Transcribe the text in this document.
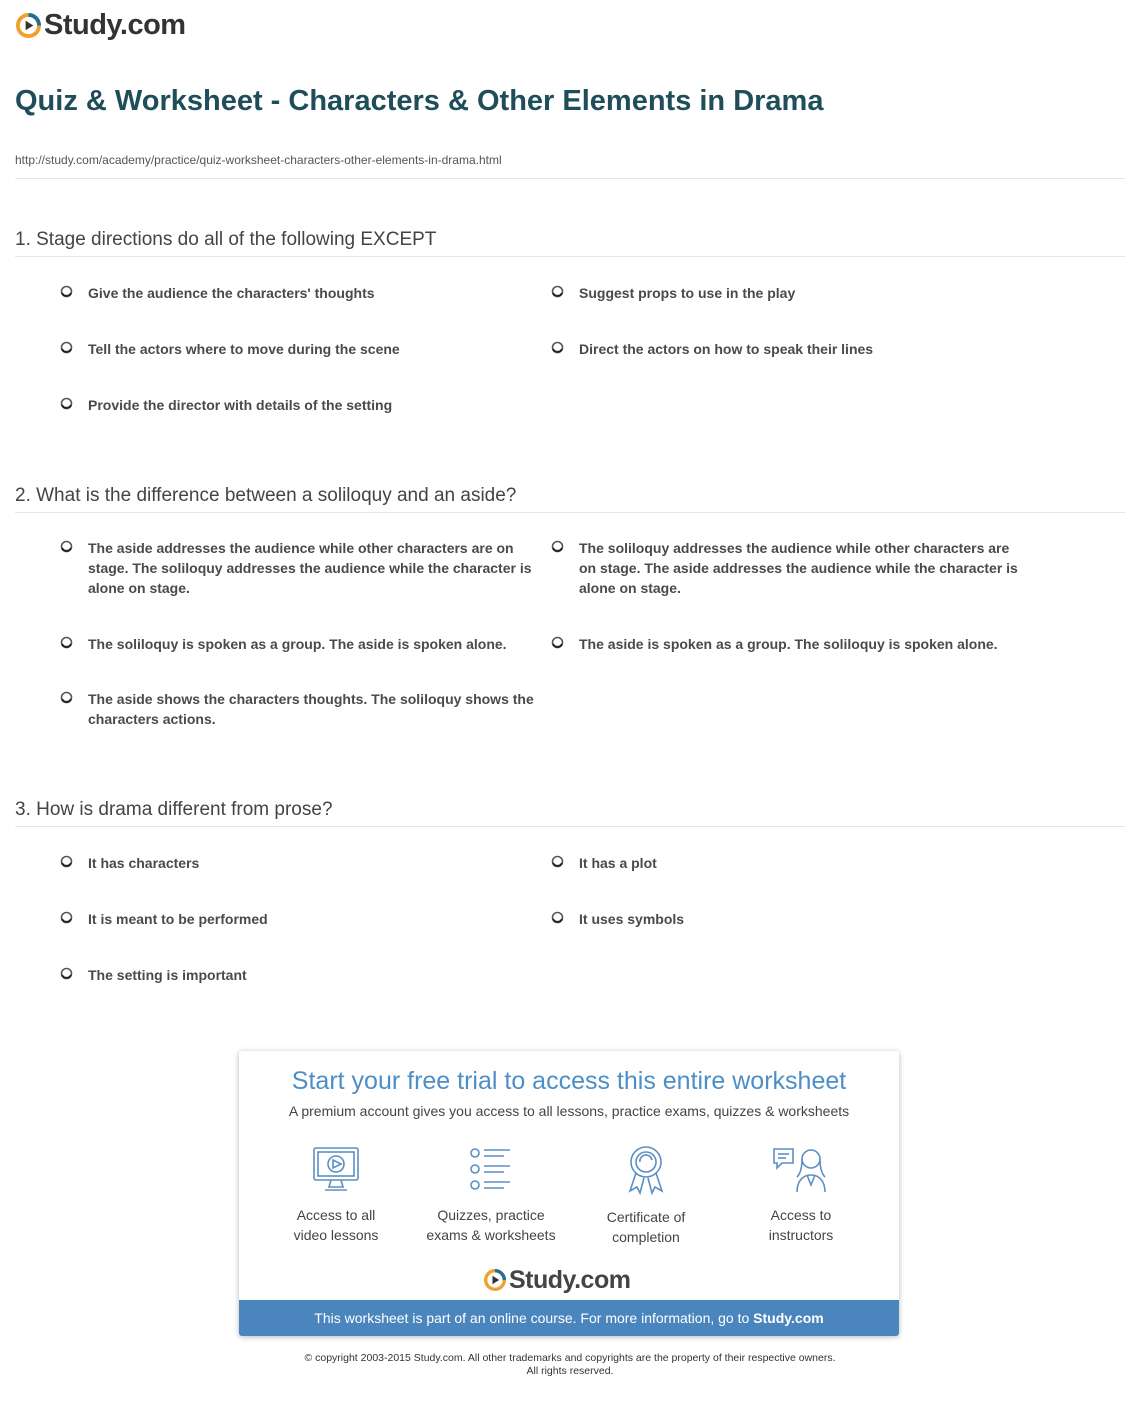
Study.com
Quiz & Worksheet - Characters & Other Elements in Drama
http://study.com/academy/practice/quiz-worksheet-characters-other-elements-in-drama.html
1. Stage directions do all of the following EXCEPT
Give the audience the characters' thoughts	Suggest props to use in the play
Tell the actors where to move during the scene	Direct the actors on how to speak their lines
Provide the director with details of the setting
2. What is the difference between a soliloquy and an aside?
The aside addresses the audience while other characters are on stage. The soliloquy addresses the audience while the character is alone on stage.
The soliloquy addresses the audience while other characters are on stage. The aside addresses the audience while the character is alone on stage.
The soliloquy is spoken as a group. The aside is spoken alone.	The aside is spoken as a group. The soliloquy is spoken alone.
The aside shows the characters thoughts. The soliloquy shows the characters actions.
3. How is drama different from prose?
It has characters	It has a plot
It is meant to be performed	It uses symbols
The setting is important
Start your free trial to access this entire worksheet
A premium account gives you access to all lessons, practice exams, quizzes & worksheets
Access to all
video lessons
Quizzes, practice
exams & worksheets
Certificate of
completion
Access to
instructors
Study.com
This worksheet is part of an online course. For more information, go to Study.com
© copyright 2003-2015 Study.com. All other trademarks and copyrights are the property of their respective owners.
All rights reserved.
